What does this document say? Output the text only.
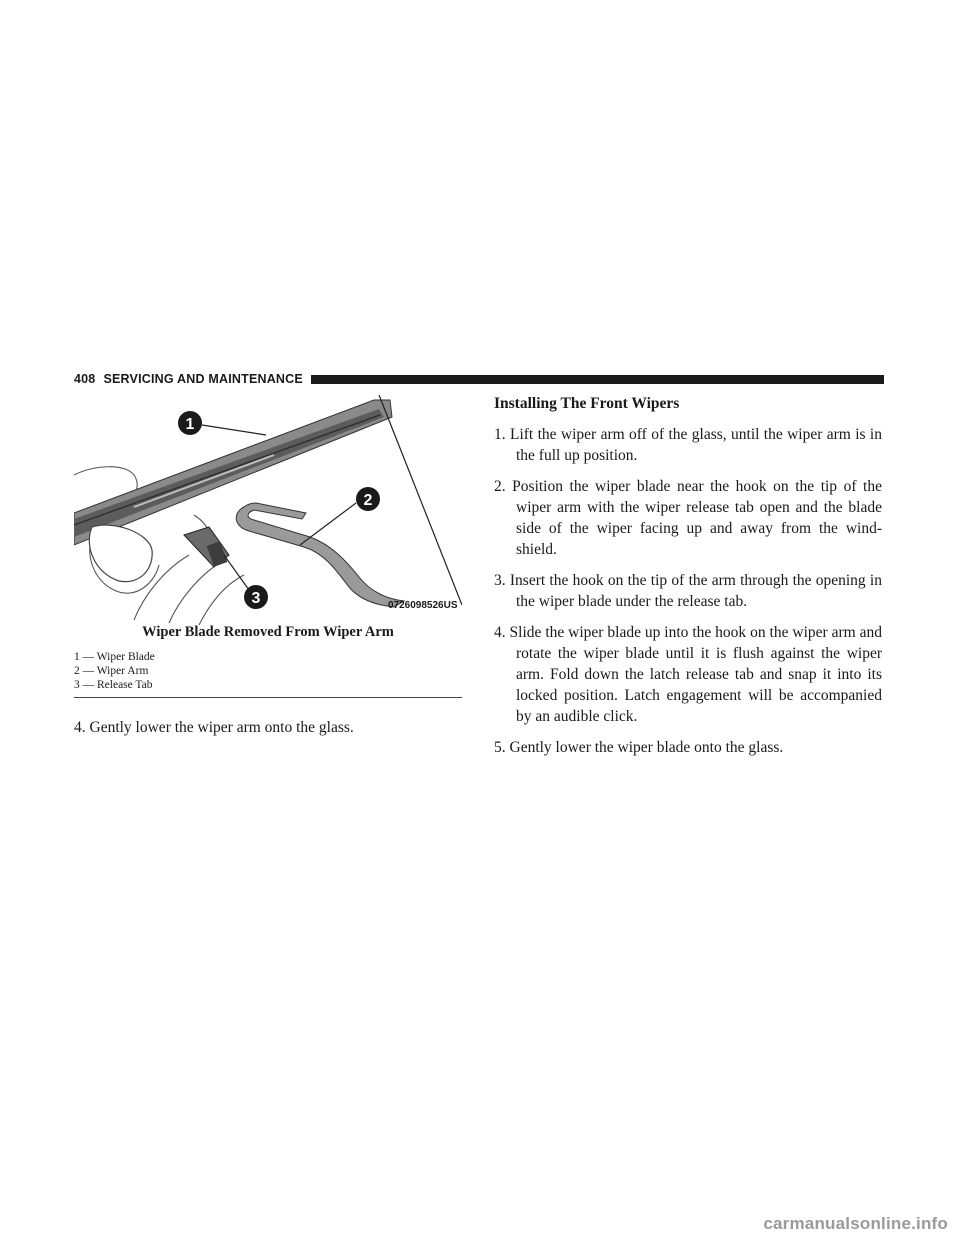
408 SERVICING AND MAINTENANCE
1
2
3	0726098526US
Wiper Blade Removed From Wiper Arm
1 — Wiper Blade
2 — Wiper Arm
3 — Release Tab
4. Gently lower the wiper arm onto the glass.
Installing The Front Wipers
1. Lift the wiper arm off of the glass, until the wiper arm is in the full up position.
2. Position the wiper blade near the hook on the tip of the wiper arm with the wiper release tab open and the blade side of the wiper facing up and away from the wind-shield.
3. Insert the hook on the tip of the arm through the opening in the wiper blade under the release tab.
4. Slide the wiper blade up into the hook on the wiper arm and rotate the wiper blade until it is flush against the wiper arm. Fold down the latch release tab and snap it into its locked position. Latch engagement will be accompanied by an audible click.
5. Gently lower the wiper blade onto the glass.
carmanualsonline.info
